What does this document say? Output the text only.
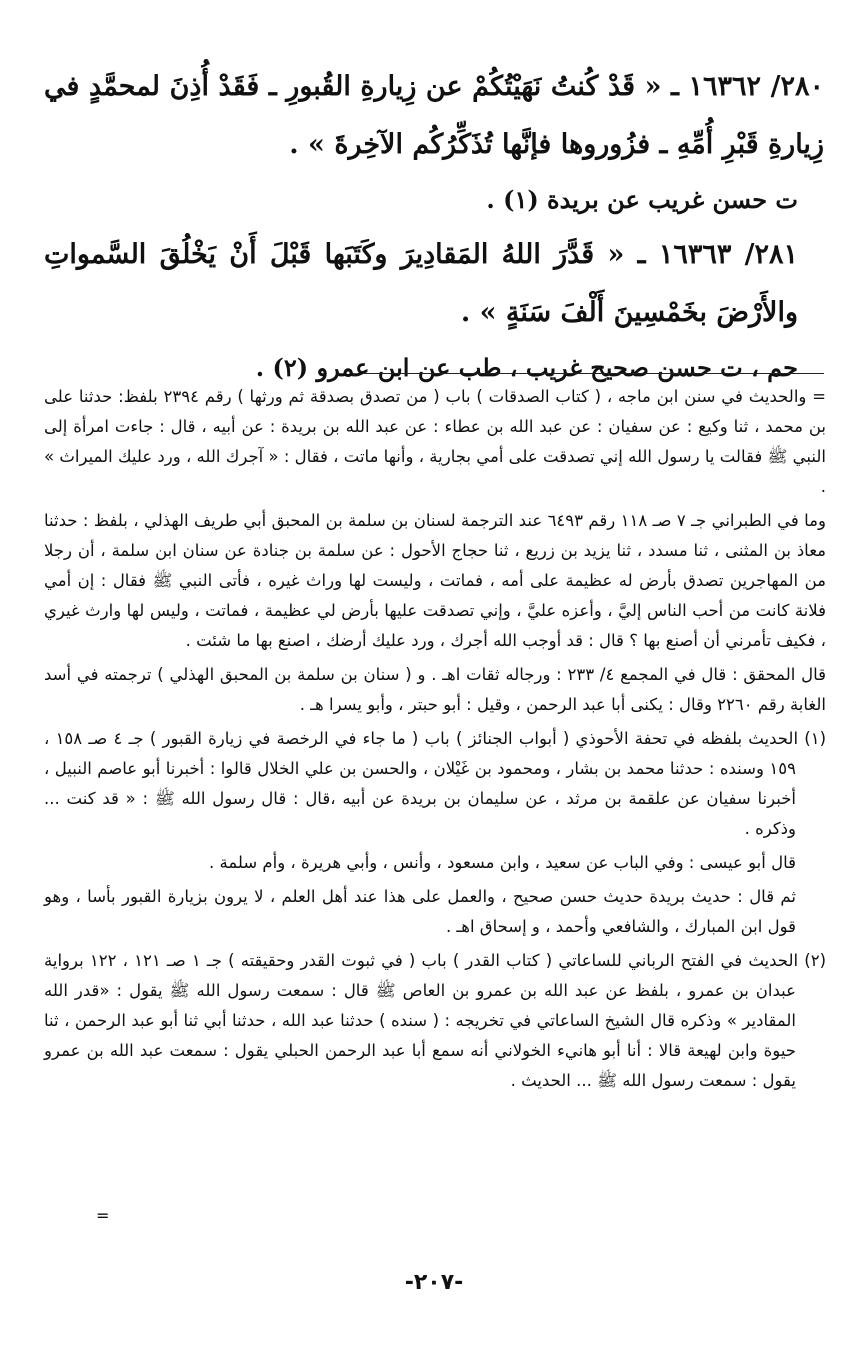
٢٨٠/ ١٦٣٦٢ ـ « قَدْ كُنتُ نَهَيْتُكُمْ عن زِيارةِ القُبورِ ـ فَقَدْ أُذِنَ لمحمَّدٍ في زِيارةِ قَبْرِ أُمِّهِ ـ فزُوروها فإنَّها تُذَكِّرُكُم الآخِرةَ » .

ت حسن غريب عن بريدة (١) .

٢٨١/ ١٦٣٦٣ ـ « قَدَّرَ اللهُ المَقادِيرَ وكَتَبَها قَبْلَ أَنْ يَخْلُقَ السَّمواتِ والأَرْضَ بخَمْسِينَ أَلْفَ سَنَةٍ » .

حم ، ت حسن صحيح غريب ، طب عن ابن عمرو (٢) .

= والحديث في سنن ابن ماجه ، ( كتاب الصدقات ) باب ( من تصدق بصدقة ثم ورثها ) رقم ٢٣٩٤ بلفظ: حدثنا على بن محمد ، ثنا وكيع : عن سفيان : عن عبد الله بن عطاء : عن عبد الله بن بريدة : عن أبيه ، قال : جاءت امرأة إلى النبي ﷺ فقالت يا رسول الله إني تصدقت على أمي بجارية ، وأنها ماتت ، فقال : « آجرك الله ، ورد عليك الميراث » .

وما في الطبراني جـ ٧ صـ ١١٨ رقم ٦٤٩٣ عند الترجمة لسنان بن سلمة بن المحبق أبي طريف الهذلي ، بلفظ : حدثنا معاذ بن المثنى ، ثنا مسدد ، ثنا يزيد بن زريع ، ثنا حجاج الأحول : عن سلمة بن جنادة عن سنان ابن سلمة ، أن رجلا من المهاجرين تصدق بأرض له عظيمة على أمه ، فماتت ، وليست لها وراث غيره ، فأتى النبي ﷺ فقال : إن أمي فلانة كانت من أحب الناس إليَّ ، وأعزه عليَّ ، وإني تصدقت عليها بأرض لي عظيمة ، فماتت ، وليس لها وارث غيري ، فكيف تأمرني أن أصنع بها ؟ قال : قد أوجب الله أجرك ، ورد عليك أرضك ، اصنع بها ما شئت .

قال المحقق : قال في المجمع ٤/ ٢٣٣ : ورجاله ثقات اهـ . و ( سنان بن سلمة بن المحبق الهذلي ) ترجمته في أسد الغابة رقم ٢٢٦٠ وقال : يكنى أبا عبد الرحمن ، وقيل : أبو حبتر ، وأبو يسرا هـ .

(١) الحديث بلفظه في تحفة الأحوذي ( أبواب الجنائز ) باب ( ما جاء في الرخصة في زيارة القبور ) جـ ٤ صـ ١٥٨ ، ١٥٩ وسنده : حدثنا محمد بن بشار ، ومحمود بن غَيْلان ، والحسن بن علي الخلال قالوا : أخبرنا أبو عاصم النبيل ، أخبرنا سفيان عن علقمة بن مرثد ، عن سليمان بن بريدة عن أبيه ،قال : قال رسول الله ﷺ : « قد كنت ... وذكره .

قال أبو عيسى : وفي الباب عن سعيد ، وابن مسعود ، وأنس ، وأبي هريرة ، وأم سلمة .

ثم قال : حديث بريدة حديث حسن صحيح ، والعمل على هذا عند أهل العلم ، لا يرون بزيارة القبور بأسا ، وهو قول ابن المبارك ، والشافعي وأحمد ، و إسحاق اهـ .

(٢) الحديث في الفتح الرباني للساعاتي ( كتاب القدر ) باب ( في ثبوت القدر وحقيقته ) جـ ١ صـ ١٢١ ، ١٢٢ برواية عبدان بن عمرو ، بلفظ عن عبد الله بن عمرو بن العاص ﷺ قال : سمعت رسول الله ﷺ يقول : «قدر الله المقادير » وذكره قال الشيخ الساعاتي في تخريجه : ( سنده ) حدثنا عبد الله ، حدثنا أبي ثنا أبو عبد الرحمن ، ثنا حيوة وابن لهيعة قالا : أنا أبو هانيء الخولاني أنه سمع أبا عبد الرحمن الحبلي يقول : سمعت عبد الله بن عمرو يقول : سمعت رسول الله ﷺ ... الحديث .

=
-٢٠٧-
